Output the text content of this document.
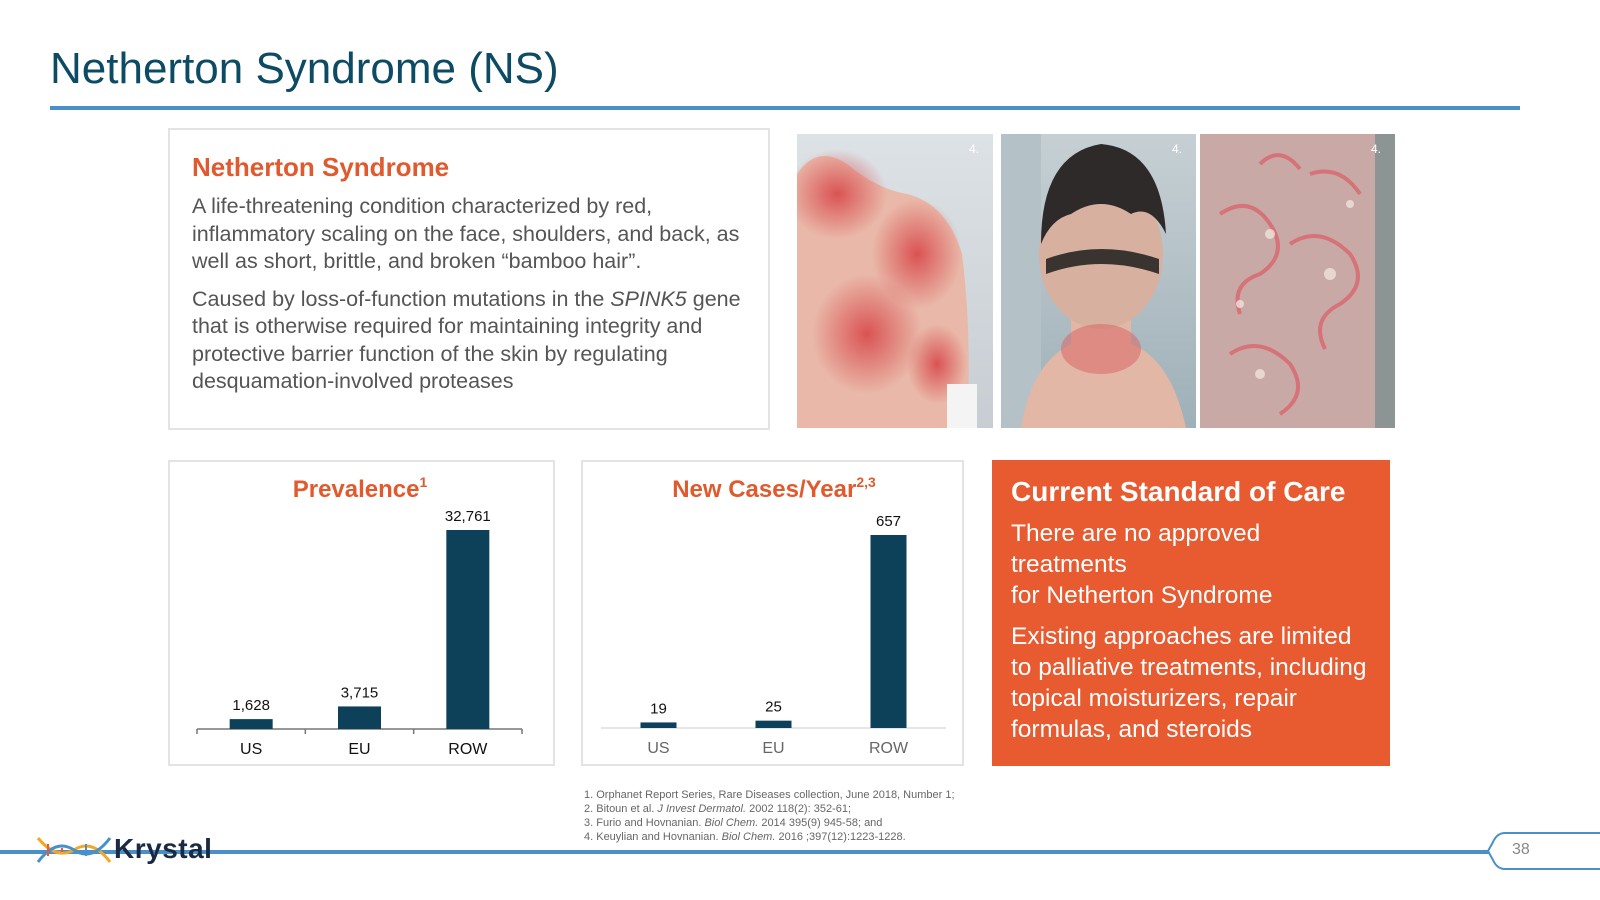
Netherton Syndrome (NS)
Netherton Syndrome

A life-threatening condition characterized by red, inflammatory scaling on the face, shoulders, and back, as well as short, brittle, and broken “bamboo hair”.

Caused by loss-of-function mutations in the SPINK5 gene that is otherwise required for maintaining integrity and protective barrier function of the skin by regulating desquamation-involved proteases

4.	4.	4.
Prevalence$^1$
1,628
US
3,715
EU
32,761
ROW
New Cases/Year$^{2,3}$
19
US
25
EU
657
ROW
Current Standard of Care

There are no approved treatments
for Netherton Syndrome

Existing approaches are limited to palliative treatments, including topical moisturizers, repair formulas, and steroids

1. Orphanet Report Series, Rare Diseases collection, June 2018, Number 1;
2. Bitoun et al. J Invest Dermatol. 2002 118(2): 352-61;
3. Furio and Hovnanian. Biol Chem. 2014 395(9) 945-58; and
4. Keuylian and Hovnanian. Biol Chem. 2016 ;397(12):1223-1228.
Krystal	38
